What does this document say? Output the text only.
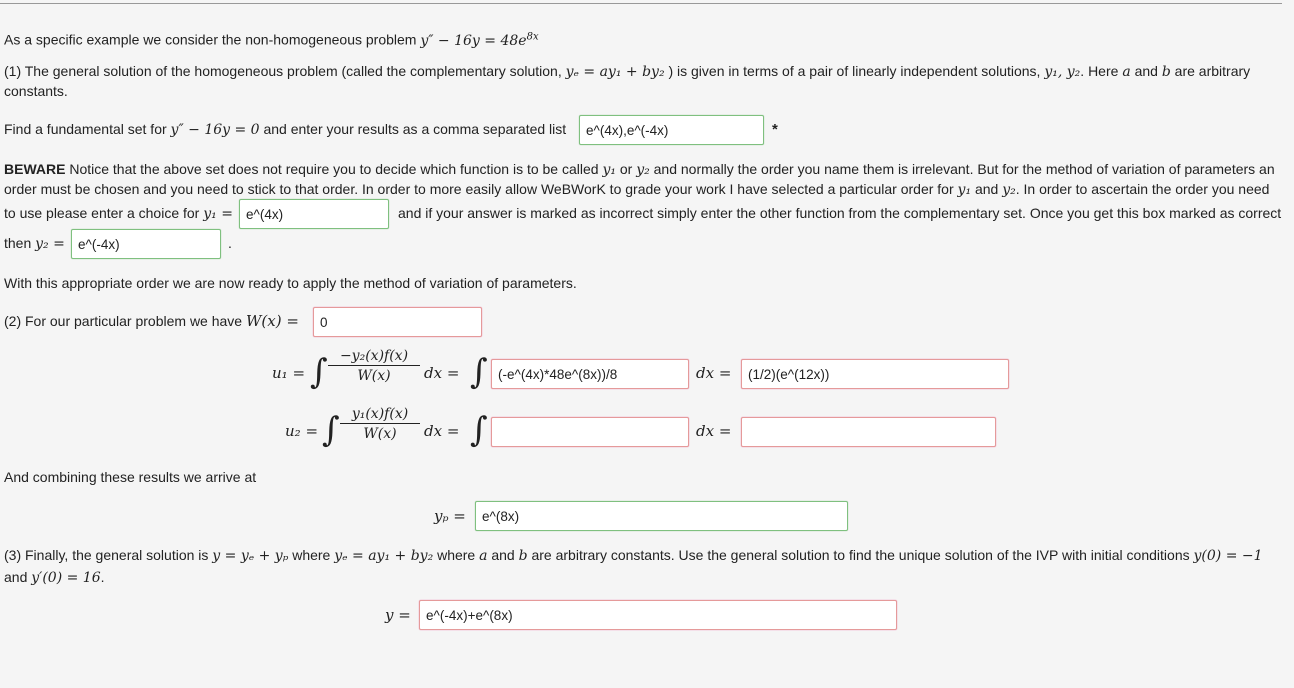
As a specific example we consider the non-homogeneous problem $y'' - 16y = 48e^{8x}$
(1) The general solution of the homogeneous problem (called the complementary solution, yₑ = ay₁ + by₂ ) is given in terms of a pair of linearly independent solutions, y₁, y₂. Here a and b are arbitrary
constants.
Find a fundamental set for y″ − 16y = 0 and enter your results as a comma separated list
e^(4x),e^(-4x)	*
BEWARE Notice that the above set does not require you to decide which function is to be called y₁ or y₂ and normally the order you name them is irrelevant. But for the method of variation of parameters an
order must be chosen and you need to stick to that order. In order to more easily allow WeBWorK to grade your work I have selected a particular order for y₁ and y₂. In order to ascertain the order you need
to use please enter a choice for y₁ =
e^(4x)	and if your answer is marked as incorrect simply enter the other function from the complementary set. Once you get this box marked as correct
then y₂ =
e^(-4x)	.
With this appropriate order we are now ready to apply the method of variation of parameters.
(2) For our particular problem we have W(x) =
0
u₁ = ∫ $\frac{\text{−y₂(x)f(x)}}{W(x)}$ dx = ∫
(-e^(4x)*48e^(8x))/8	dx =
(1/2)(e^(12x))
u₂ = ∫ $\frac{\text{y₁(x)f(x)}}{W(x)}$ dx = ∫	dx =
And combining these results we arrive at
yₚ =
e^(8x)
(3) Finally, the general solution is y = yₑ + yₚ where yₑ = ay₁ + by₂ where a and b are arbitrary constants. Use the general solution to find the unique solution of the IVP with initial conditions y(0) = −1
and y′(0) = 16.
y =
e^(-4x)+e^(8x)
